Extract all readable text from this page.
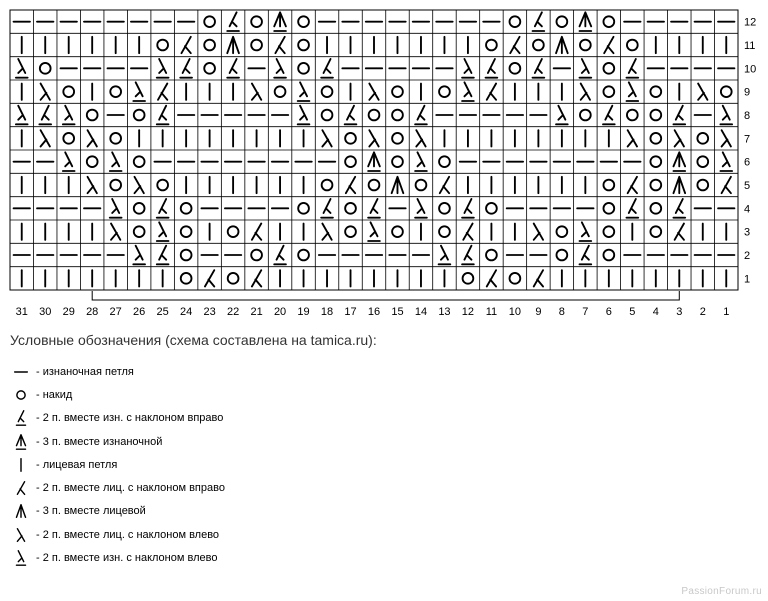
12
11
10
9
8
7
6
5
4
3
2
1
31 30 29 28 27 26 25 24 23 22 21 20 19 18 17 16 15 14 13 12 11 10 9 8 7 6 5 4 3 2 1
Условные обозначения (схема составлена на tamica.ru):
- изнаночная петля
- накид
- 2 п. вместе изн. с наклоном вправо
- 3 п. вместе изнаночной
- лицевая петля
- 2 п. вместе лиц. с наклоном вправо
- 3 п. вместе лицевой
- 2 п. вместе лиц. с наклоном влево
- 2 п. вместе изн. с наклоном влево
PassionForum.ru
